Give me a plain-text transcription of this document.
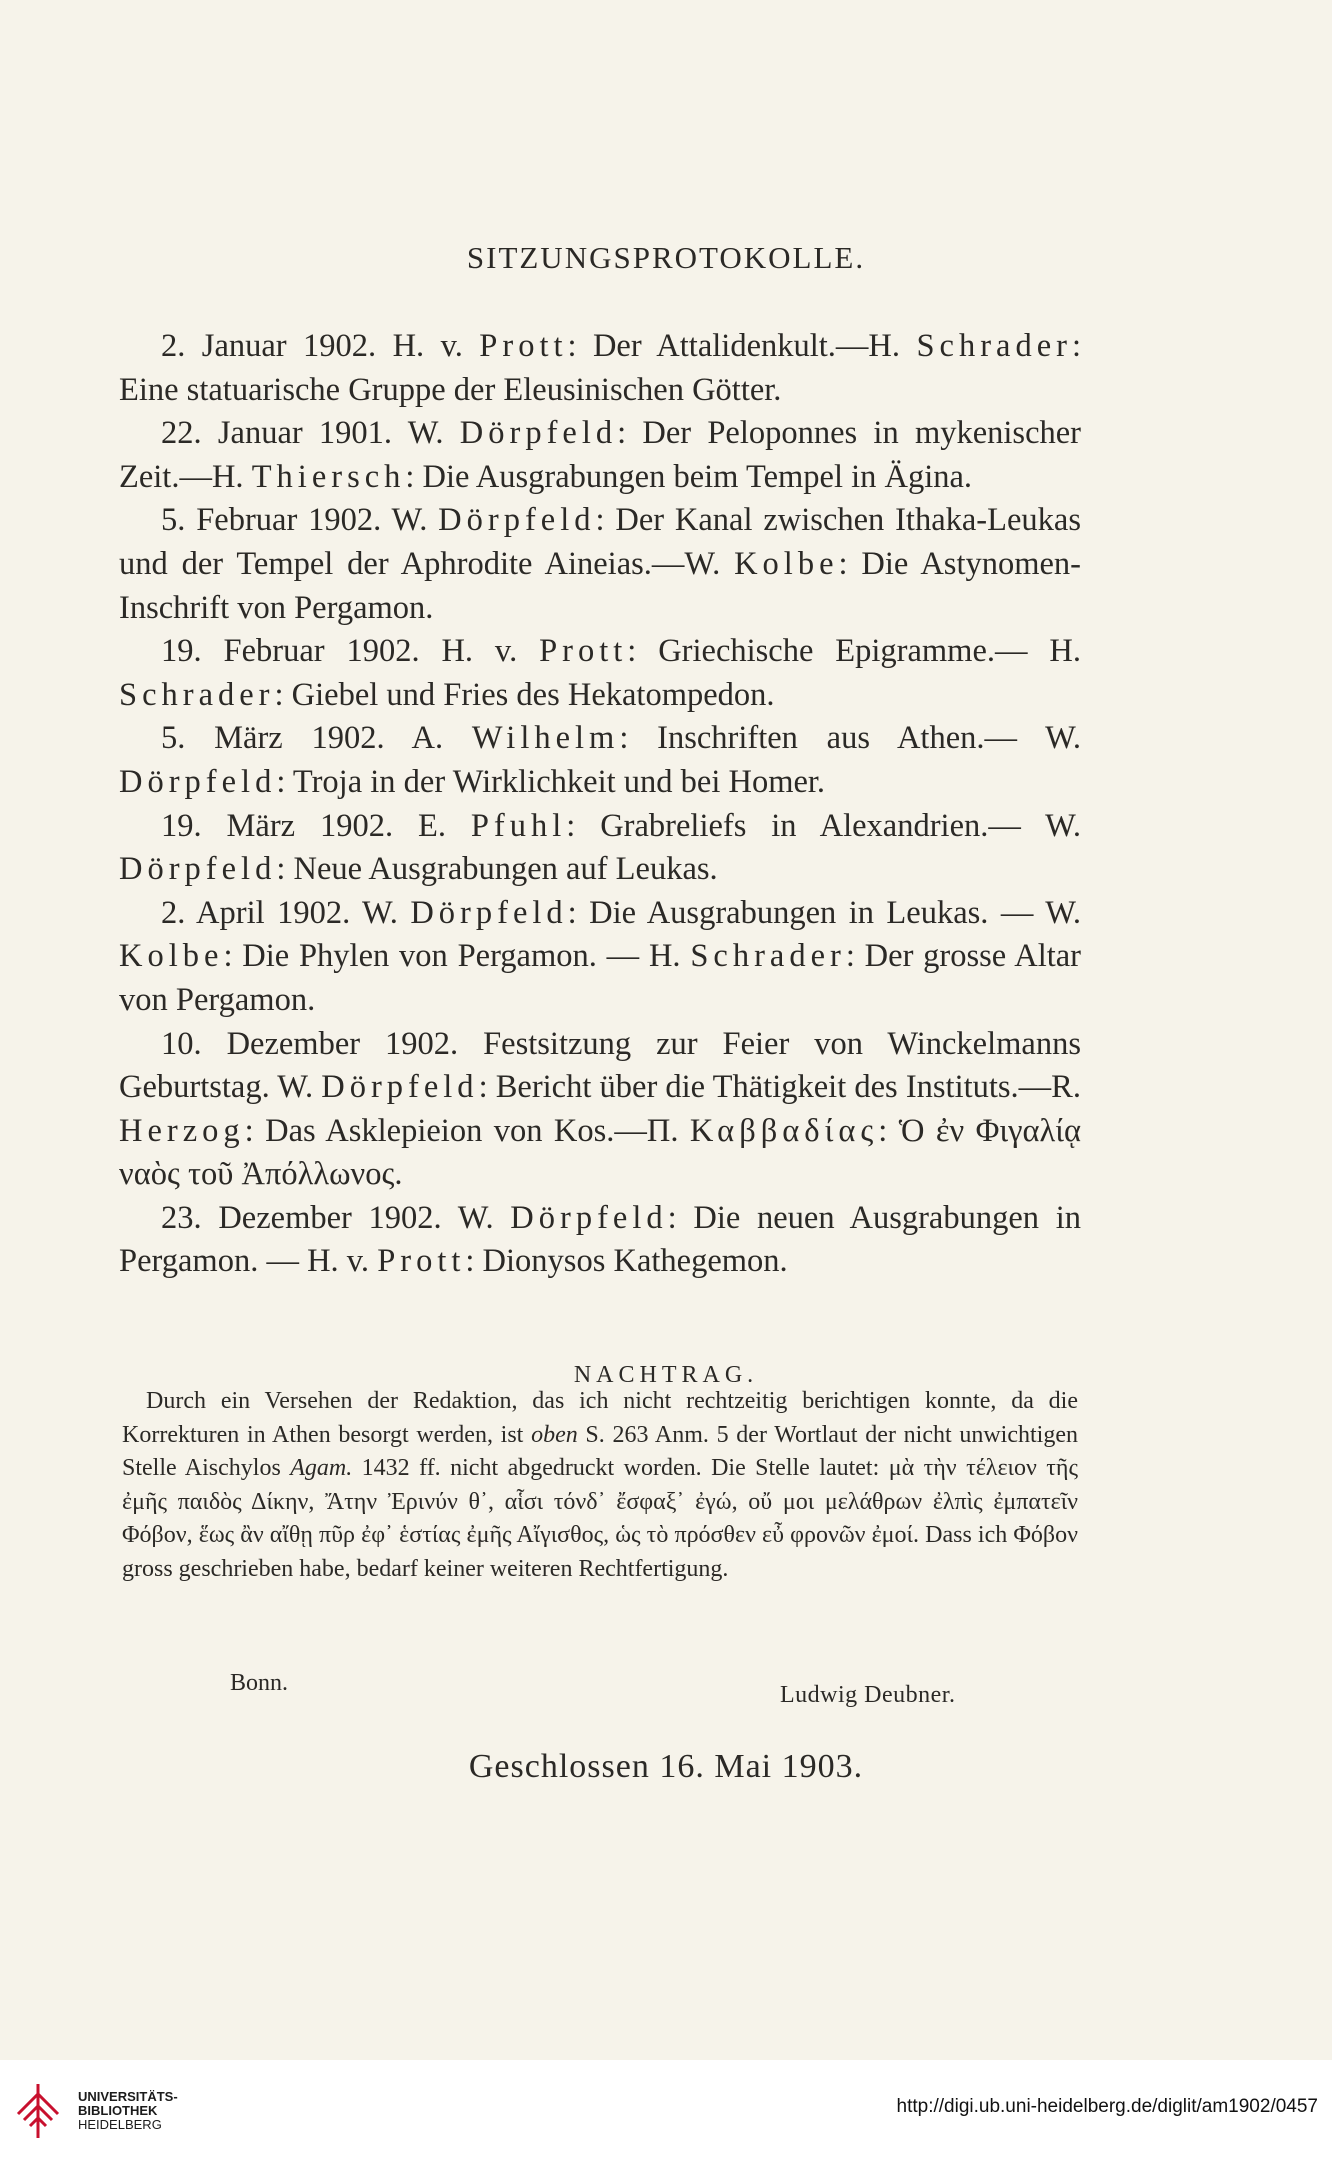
SITZUNGSPROTOKOLLE.

2. Januar 1902. H. v. Prott: Der Attalidenkult.—H. Schrader: Eine statuarische Gruppe der Eleusinischen Götter.

22. Januar 1901. W. Dörpfeld: Der Peloponnes in mykenischer Zeit.—H. Thiersch: Die Ausgrabungen beim Tempel in Ägina.

5. Februar 1902. W. Dörpfeld: Der Kanal zwischen Ithaka-Leukas und der Tempel der Aphrodite Aineias.—W. Kolbe: Die Astynomen-Inschrift von Pergamon.

19. Februar 1902. H. v. Prott: Griechische Epigramme.— H. Schrader: Giebel und Fries des Hekatompedon.

5. März 1902. A. Wilhelm: Inschriften aus Athen.— W. Dörpfeld: Troja in der Wirklichkeit und bei Homer.

19. März 1902. E. Pfuhl: Grabreliefs in Alexandrien.— W. Dörpfeld: Neue Ausgrabungen auf Leukas.

2. April 1902. W. Dörpfeld: Die Ausgrabungen in Leukas. — W. Kolbe: Die Phylen von Pergamon. — H. Schrader: Der grosse Altar von Pergamon.

10. Dezember 1902. Festsitzung zur Feier von Winckelmanns Geburtstag. W. Dörpfeld: Bericht über die Thätigkeit des Instituts.—R. Herzog: Das Asklepieion von Kos.—Π. Καββαδίας: Ὁ ἐν Φιγαλίᾳ ναὸς τοῦ Ἀπόλλωνος.

23. Dezember 1902. W. Dörpfeld: Die neuen Ausgrabungen in Pergamon. — H. v. Prott: Dionysos Kathegemon.

NACHTRAG.

Durch ein Versehen der Redaktion, das ich nicht rechtzeitig berichtigen konnte, da die Korrekturen in Athen besorgt werden, ist oben S. 263 Anm. 5 der Wortlaut der nicht unwichtigen Stelle Aischylos Agam. 1432 ff. nicht abgedruckt worden. Die Stelle lautet: μὰ τὴν τέλειον τῆς ἐμῆς παιδὸς Δίκην, Ἄτην Ἐρινύν θ᾽, αἷσι τόνδ᾽ ἔσφαξ᾽ ἐγώ, οὔ μοι μελάθρων ἐλπὶς ἐμπατεῖν Φόβον, ἕως ἂν αἴθῃ πῦρ ἐφ᾽ ἑστίας ἐμῆς Αἴγισθος, ὡς τὸ πρόσθεν εὖ φρονῶν ἐμοί. Dass ich Φόβον gross geschrieben habe, bedarf keiner weiteren Rechtfertigung.

Bonn.	Ludwig Deubner.
Geschlossen 16. Mai 1903.
UNIVERSITÄTS-
BIBLIOTHEK
HEIDELBERG
http://digi.ub.uni-heidelberg.de/diglit/am1902/0457
